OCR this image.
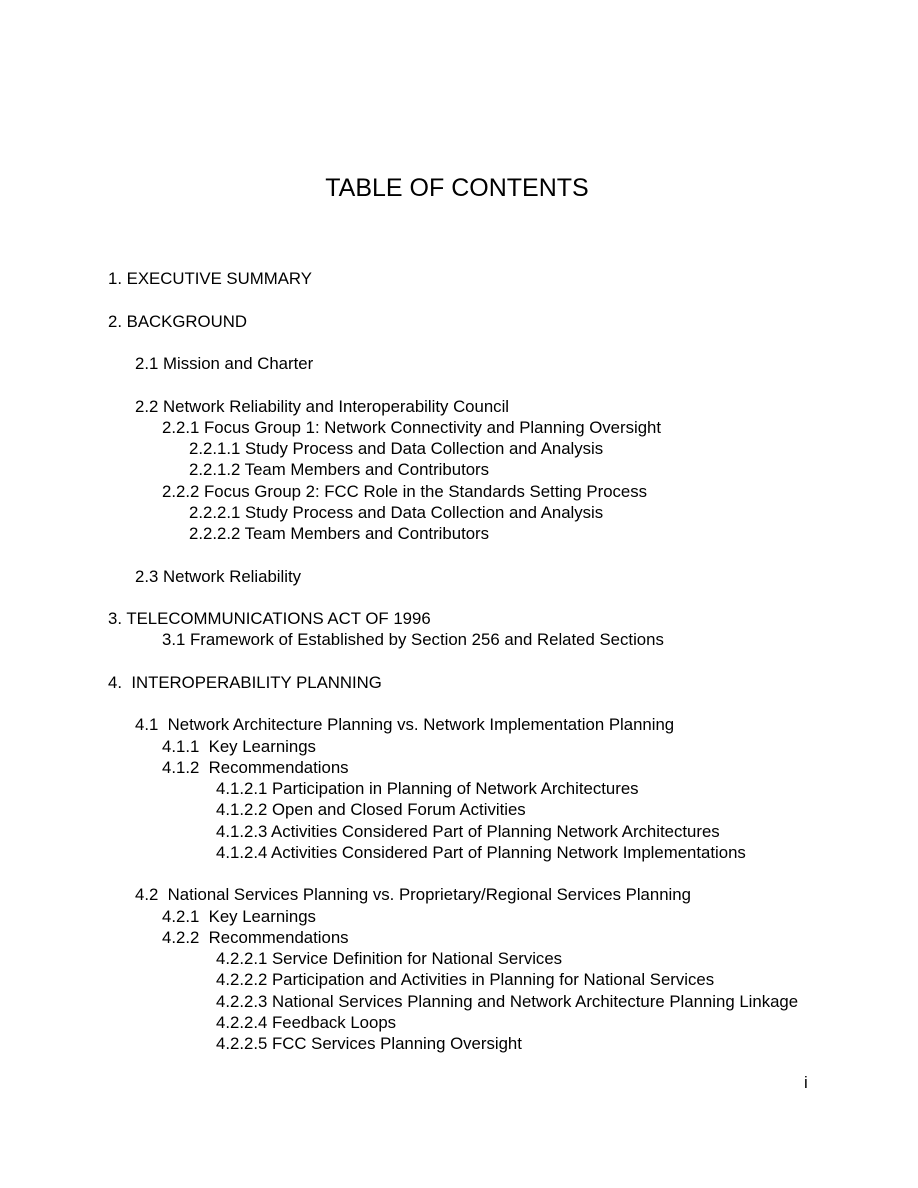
TABLE OF CONTENTS
1. EXECUTIVE SUMMARY
2. BACKGROUND
2.1 Mission and Charter
2.2 Network Reliability and Interoperability Council
2.2.1 Focus Group 1: Network Connectivity and Planning Oversight
2.2.1.1 Study Process and Data Collection and Analysis
2.2.1.2 Team Members and Contributors
2.2.2 Focus Group 2: FCC Role in the Standards Setting Process
2.2.2.1 Study Process and Data Collection and Analysis
2.2.2.2 Team Members and Contributors
2.3 Network Reliability
3. TELECOMMUNICATIONS ACT OF 1996
3.1 Framework of Established by Section 256 and Related Sections
4.  INTEROPERABILITY PLANNING
4.1  Network Architecture Planning vs. Network Implementation Planning
4.1.1  Key Learnings
4.1.2  Recommendations
4.1.2.1 Participation in Planning of Network Architectures
4.1.2.2 Open and Closed Forum Activities
4.1.2.3 Activities Considered Part of Planning Network Architectures
4.1.2.4 Activities Considered Part of Planning Network Implementations
4.2  National Services Planning vs. Proprietary/Regional Services Planning
4.2.1  Key Learnings
4.2.2  Recommendations
4.2.2.1 Service Definition for National Services
4.2.2.2 Participation and Activities in Planning for National Services
4.2.2.3 National Services Planning and Network Architecture Planning Linkage
4.2.2.4 Feedback Loops
4.2.2.5 FCC Services Planning Oversight
i
